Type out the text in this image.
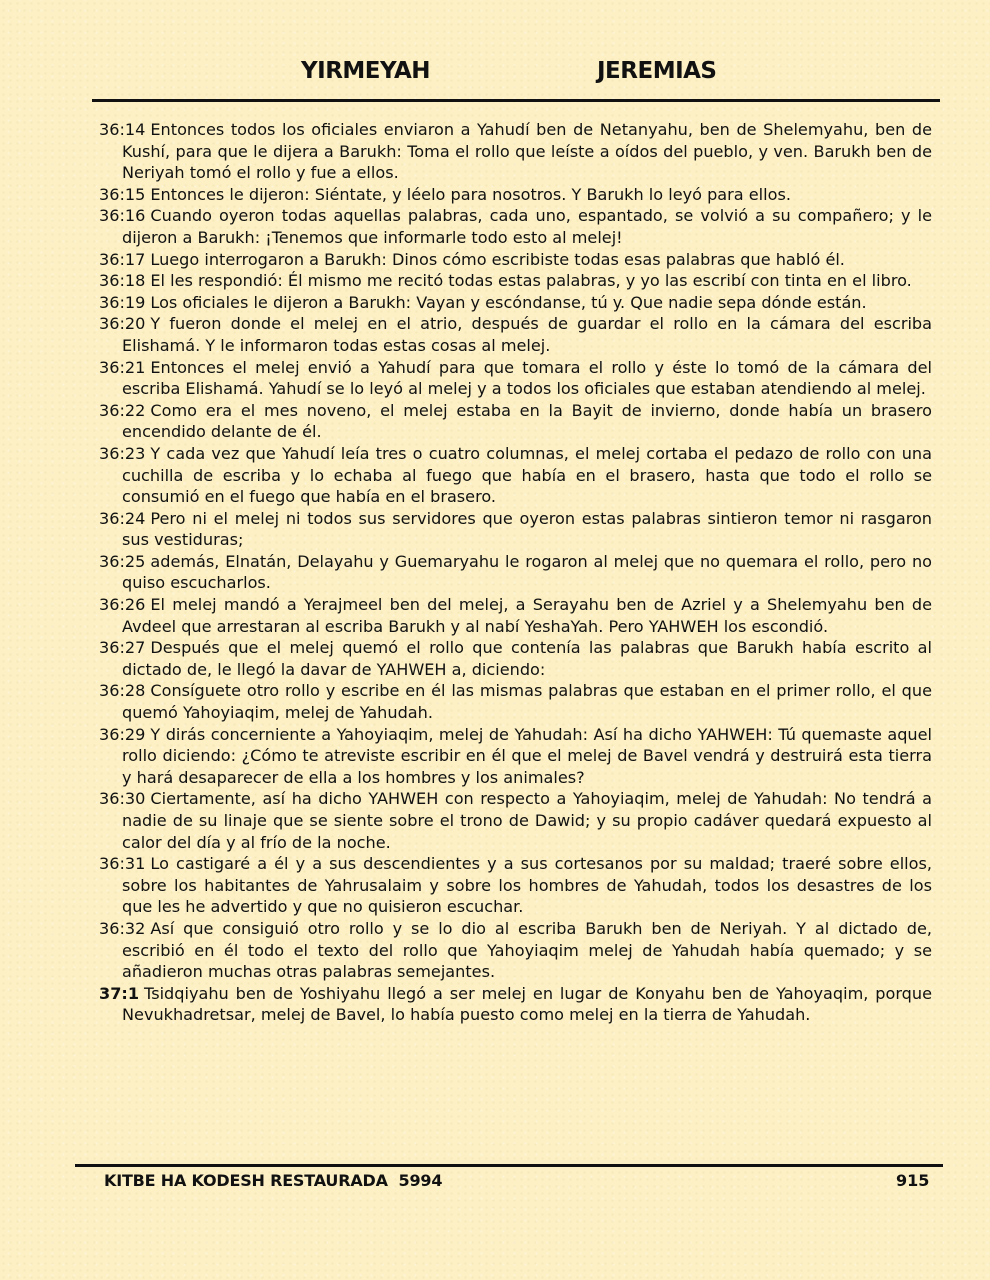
YIRMEYAH	JEREMIAS

36:14 Entonces todos los oficiales enviaron a Yahudí ben de Netanyahu, ben de Shelemyahu, ben de Kushí, para que le dijera a Barukh: Toma el rollo que leíste a oídos del pueblo, y ven. Barukh ben de Neriyah tomó el rollo y fue a ellos.

36:15 Entonces le dijeron: Siéntate, y léelo para nosotros. Y Barukh lo leyó para ellos.

36:16 Cuando oyeron todas aquellas palabras, cada uno, espantado, se volvió a su compañero; y le dijeron a Barukh: ¡Tenemos que informarle todo esto al melej!

36:17 Luego interrogaron a Barukh: Dinos cómo escribiste todas esas palabras que habló él.

36:18 El les respondió: Él mismo me recitó todas estas palabras, y yo las escribí con tinta en el libro.

36:19 Los oficiales le dijeron a Barukh: Vayan y escóndanse, tú y. Que nadie sepa dónde están.

36:20 Y fueron donde el melej en el atrio, después de guardar el rollo en la cámara del escriba Elishamá. Y le informaron todas estas cosas al melej.

36:21 Entonces el melej envió a Yahudí para que tomara el rollo y éste lo tomó de la cámara del escriba Elishamá. Yahudí se lo leyó al melej y a todos los oficiales que estaban atendiendo al melej.

36:22 Como era el mes noveno, el melej estaba en la Bayit de invierno, donde había un brasero encendido delante de él.

36:23 Y cada vez que Yahudí leía tres o cuatro columnas, el melej cortaba el pedazo de rollo con una cuchilla de escriba y lo echaba al fuego que había en el brasero, hasta que todo el rollo se consumió en el fuego que había en el brasero.

36:24 Pero ni el melej ni todos sus servidores que oyeron estas palabras sintieron temor ni rasgaron sus vestiduras;

36:25 además, Elnatán, Delayahu y Guemaryahu le rogaron al melej que no quemara el rollo, pero no quiso escucharlos.

36:26 El melej mandó a Yerajmeel ben del melej, a Serayahu ben de Azriel y a Shelemyahu ben de Avdeel que arrestaran al escriba Barukh y al nabí YeshaYah. Pero YAHWEH los escondió.

36:27 Después que el melej quemó el rollo que contenía las palabras que Barukh había escrito al dictado de, le llegó la davar de YAHWEH a, diciendo:

36:28 Consíguete otro rollo y escribe en él las mismas palabras que estaban en el primer rollo, el que quemó Yahoyiaqim, melej de Yahudah.

36:29 Y dirás concerniente a Yahoyiaqim, melej de Yahudah: Así ha dicho YAHWEH: Tú quemaste aquel rollo diciendo: ¿Cómo te atreviste escribir en él que el melej de Bavel vendrá y destruirá esta tierra y hará desaparecer de ella a los hombres y los animales?

36:30 Ciertamente, así ha dicho YAHWEH con respecto a Yahoyiaqim, melej de Yahudah: No tendrá a nadie de su linaje que se siente sobre el trono de Dawid; y su propio cadáver quedará expuesto al calor del día y al frío de la noche.

36:31 Lo castigaré a él y a sus descendientes y a sus cortesanos por su maldad; traeré sobre ellos, sobre los habitantes de Yahrusalaim y sobre los hombres de Yahudah, todos los desastres de los que les he advertido y que no quisieron escuchar.

36:32 Así que consiguió otro rollo y se lo dio al escriba Barukh ben de Neriyah. Y al dictado de, escribió en él todo el texto del rollo que Yahoyiaqim melej de Yahudah había quemado; y se añadieron muchas otras palabras semejantes.

37:1 Tsidqiyahu ben de Yoshiyahu llegó a ser melej en lugar de Konyahu ben de Yahoyaqim, porque Nevukhadretsar, melej de Bavel, lo había puesto como melej en la tierra de Yahudah.

KITBE HA KODESH RESTAURADA  5994	915
